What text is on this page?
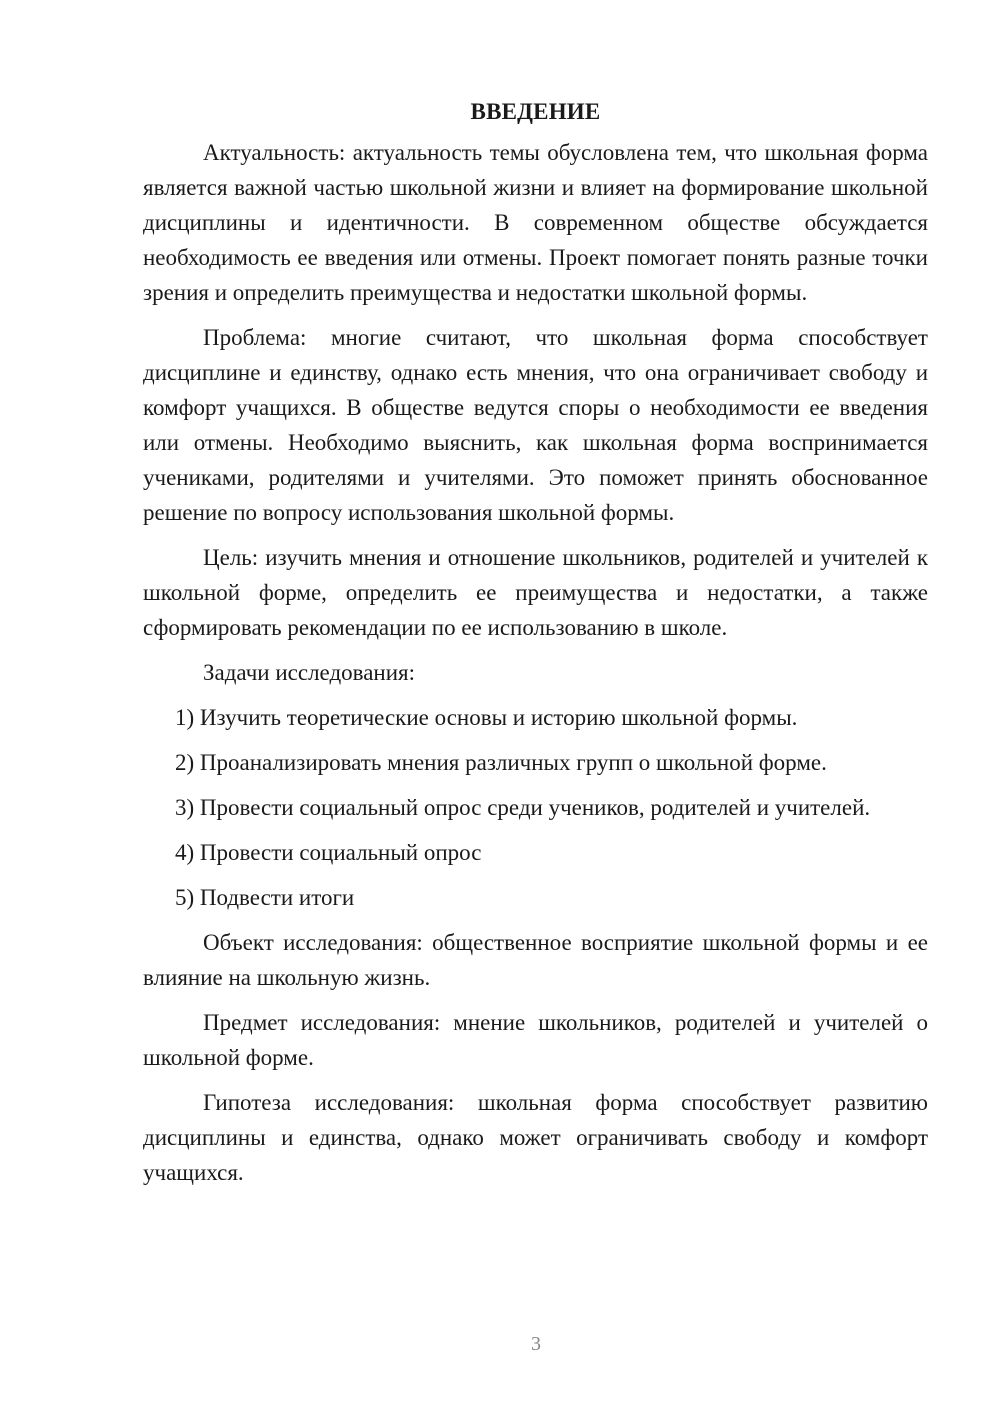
ВВЕДЕНИЕ

Актуальность: актуальность темы обусловлена тем, что школьная форма является важной частью школьной жизни и влияет на формирование школьной дисциплины и идентичности. В современном обществе обсуждается необходимость ее введения или отмены. Проект помогает понять разные точки зрения и определить преимущества и недостатки школьной формы.

Проблема: многие считают, что школьная форма способствует дисциплине и единству, однако есть мнения, что она ограничивает свободу и комфорт учащихся. В обществе ведутся споры о необходимости ее введения или отмены. Необходимо выяснить, как школьная форма воспринимается учениками, родителями и учителями. Это поможет принять обоснованное решение по вопросу использования школьной формы.

Цель: изучить мнения и отношение школьников, родителей и учителей к школьной форме, определить ее преимущества и недостатки, а также сформировать рекомендации по ее использованию в школе.

Задачи исследования:

1) Изучить теоретические основы и историю школьной формы.
2) Проанализировать мнения различных групп о школьной форме.
3) Провести социальный опрос среди учеников, родителей и учителей.
4) Провести социальный опрос
5) Подвести итоги

Объект исследования: общественное восприятие школьной формы и ее влияние на школьную жизнь.

Предмет исследования: мнение школьников, родителей и учителей о школьной форме.

Гипотеза исследования: школьная форма способствует развитию дисциплины и единства, однако может ограничивать свободу и комфорт учащихся.

3
